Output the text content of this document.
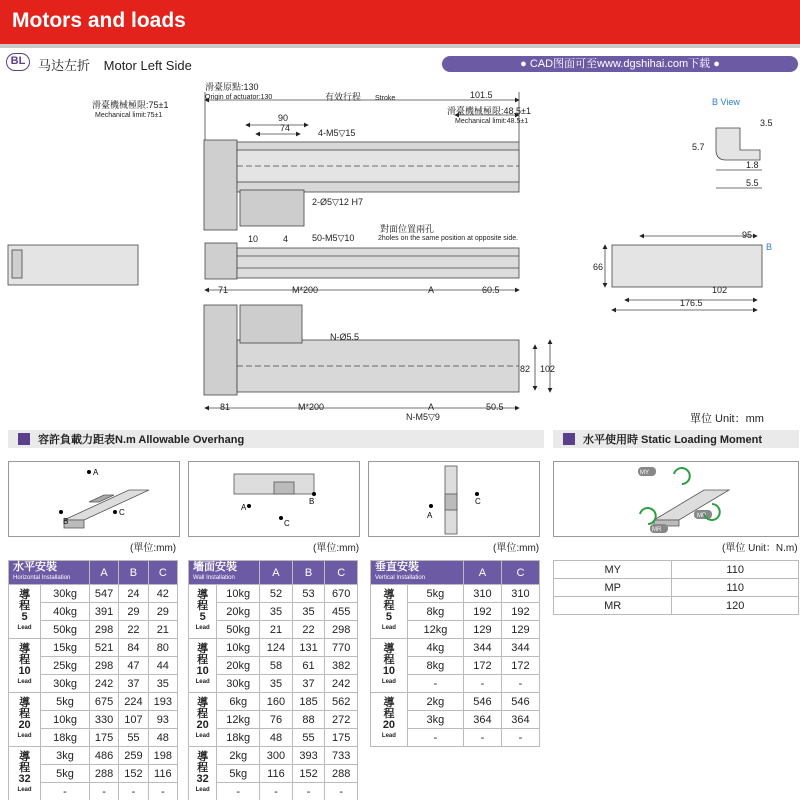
Motors and loads
BL 马达左折 Motor Left Side	● CAD图面可至www.dgshihai.com下载 ●
滑臺原點:130
Origin of actuator:130	有效行程 Stroke	101.5
滑臺機械極限:75±1
Mechanical limit:75±1	滑臺機械極限:48.5±1
Mechanical limit:48.5±1
90
74	4-M5▽15
2-Ø5▽12 H7
B View
3.5
5.7
1.8
5.5
10	4	50-M5▽10
對面位置兩孔
2holes on the same position at opposite side.	95
66
102
176.5
B
71	M*200	A	60.5
N-Ø5.5
82 102
81	M*200	A	50.5
N-M5▽9	單位 Unit：mm
容許負載力距表N.m Allowable Overhang	水平使用時 Static Loading Moment
A
B
C
A
B
C
A
C
MY
MP
MR
(單位:mm)	(單位:mm)	(單位:mm)	(單位 Unit：N.m)
水平安裝
Horizontal Installation		A	B	C

導
程
5
Lead	30kg	547	24	42
	40kg	391	29	29
	50kg	298	22	21

導
程
10
Lead	15kg	521	84	80
	25kg	298	47	44
	30kg	242	37	35

導
程
20
Lead	5kg	675	224	193
	10kg	330	107	93
	18kg	175	55	48

導
程
32
Lead	3kg	486	259	198
	5kg	288	152	116
	-	-	-	-
墻面安裝
Wall Installation		A	B	C

導
程
5
Lead	10kg	52	53	670
	20kg	35	35	455
	50kg	21	22	298

導
程
10
Lead	10kg	124	131	770
	20kg	58	61	382
	30kg	35	37	242

導
程
20
Lead	6kg	160	185	562
	12kg	76	88	272
	18kg	48	55	175

導
程
32
Lead	2kg	300	393	733
	5kg	116	152	288
	-	-	-	-
垂直安裝
Vertical Installation		A	C

導
程
5
Lead	5kg	310	310
	8kg	192	192
	12kg	129	129

導
程
10
Lead	4kg	344	344
	8kg	172	172
	-	-	-

導
程
20
Lead	2kg	546	546
	3kg	364	364
	-	-	-
MY	110
MP	110
MR	120
